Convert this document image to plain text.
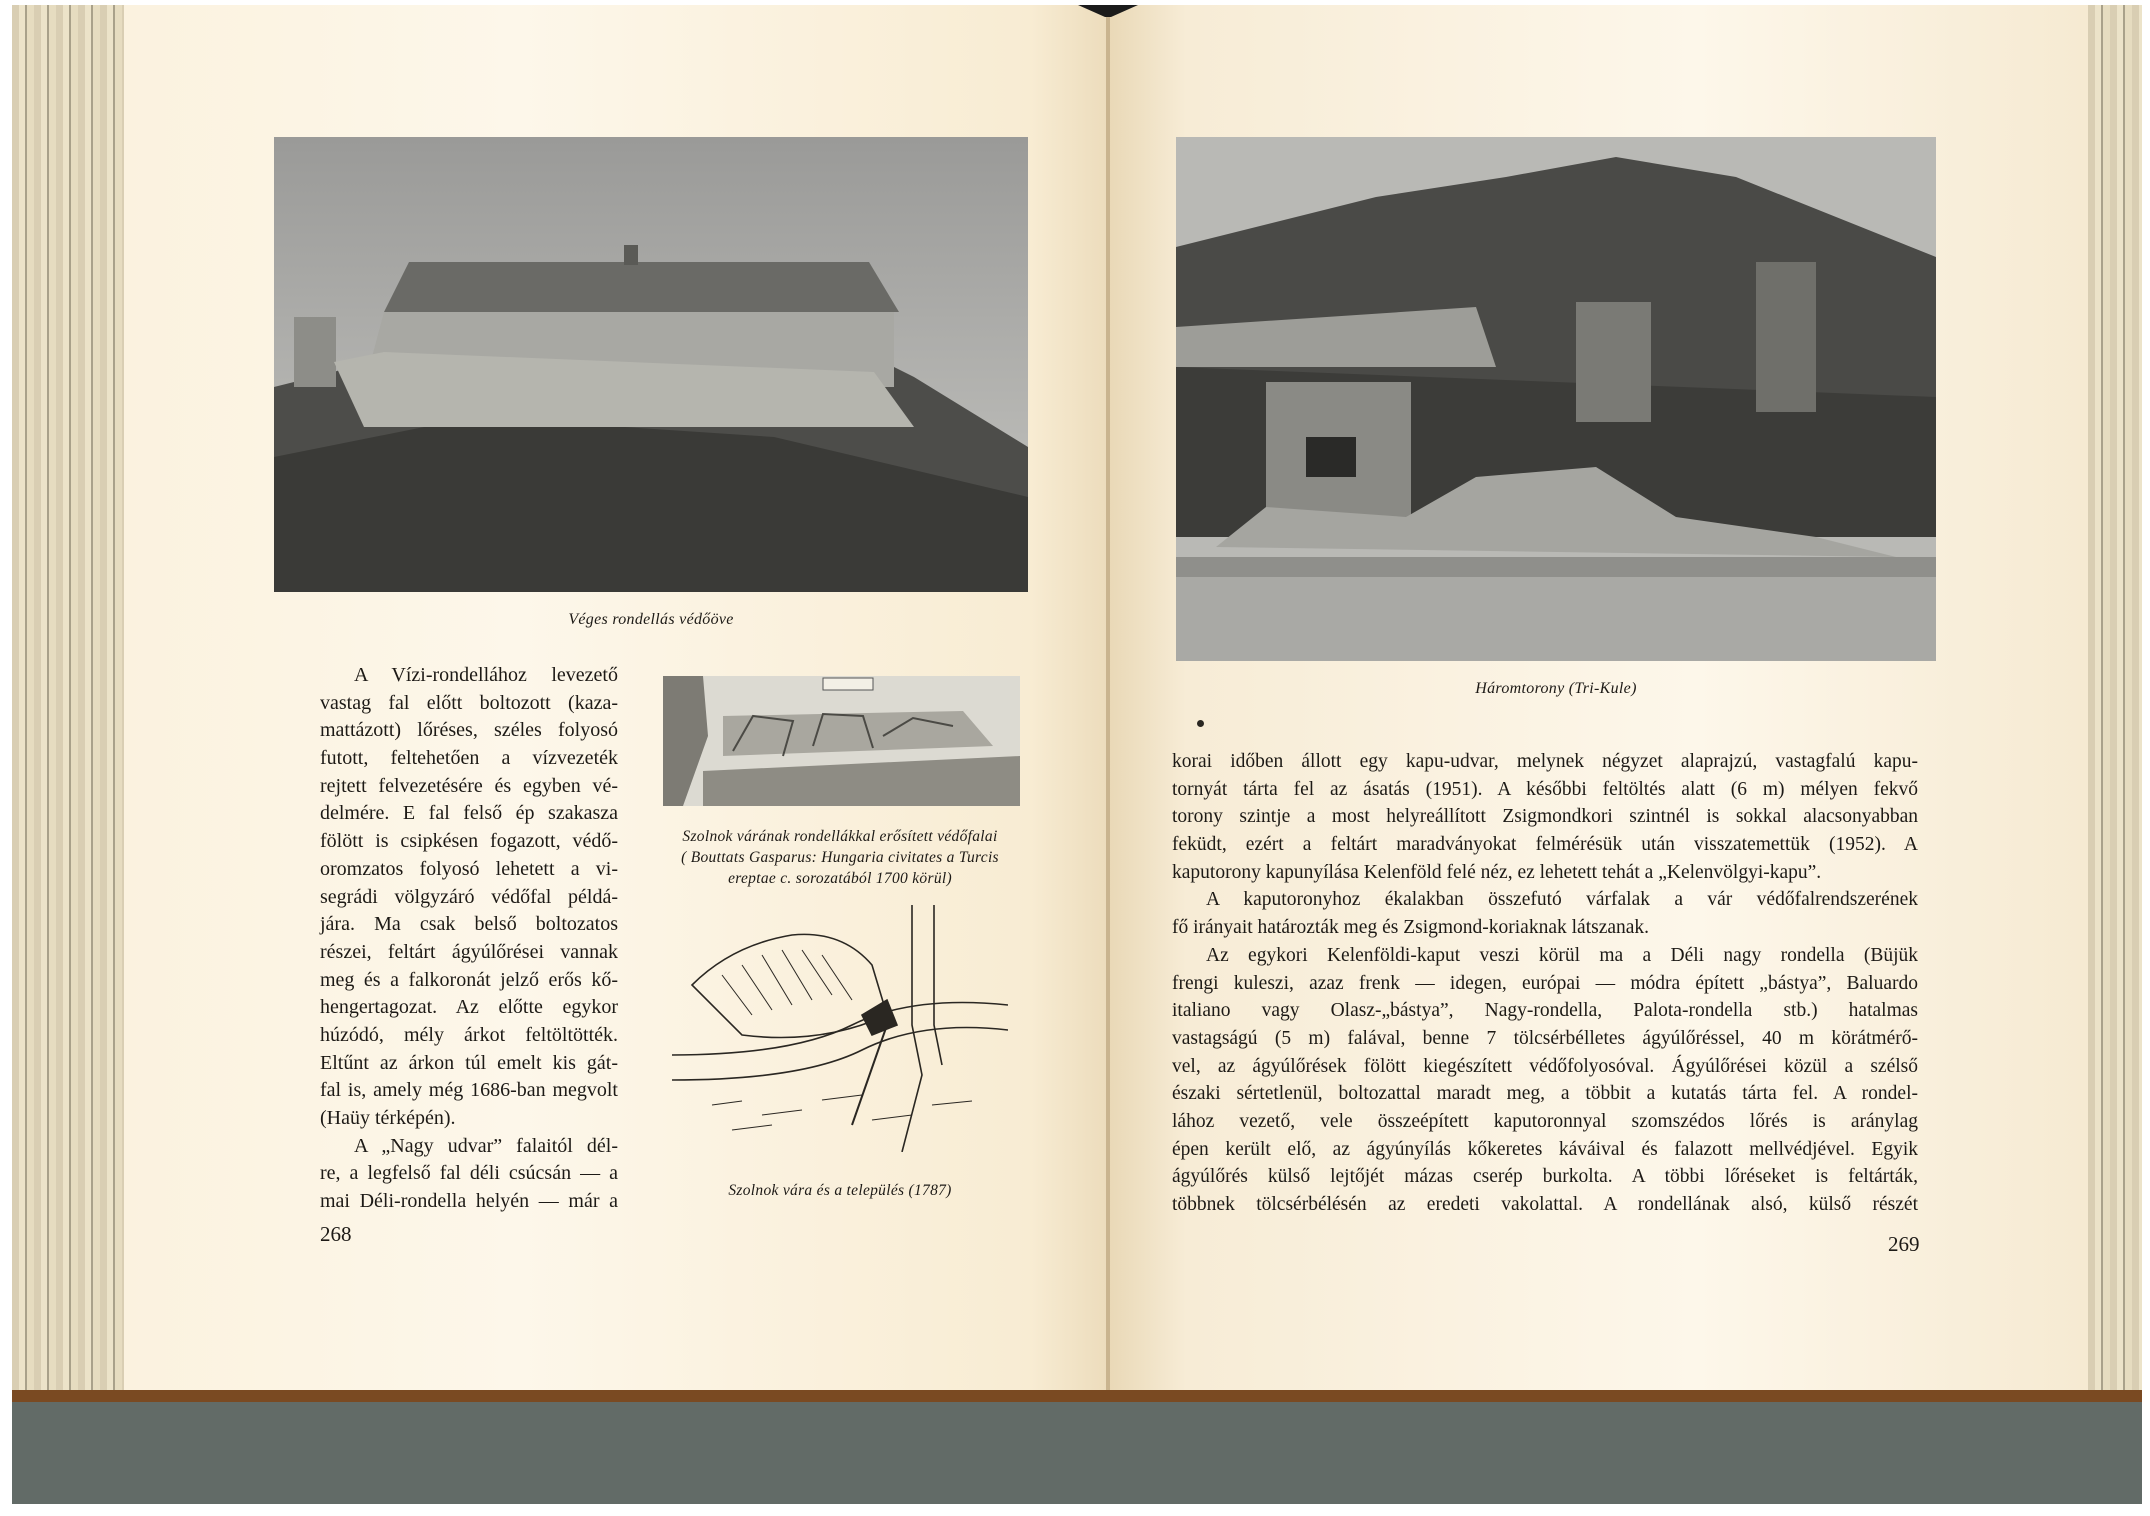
Véges rondellás védőöve
A Vízi-rondellához levezető
vastag fal előtt boltozott (kaza-
mattázott) lőréses, széles folyosó
futott, feltehetően a vízvezeték
rejtett felvezetésére és egyben vé-
delmére. E fal felső ép szakasza
fölött is csipkésen fogazott, védő-
oromzatos folyosó lehetett a vi-
segrádi völgyzáró védőfal példá-
jára. Ma csak belső boltozatos
részei, feltárt ágyúlőrései vannak
meg és a falkoronát jelző erős kő-
hengertagozat. Az előtte egykor
húzódó, mély árkot feltöltötték.
Eltűnt az árkon túl emelt kis gát-
fal is, amely még 1686-ban megvolt
(Haüy térképén).
A „Nagy udvar” falaitól dél-
re, a legfelső fal déli csúcsán — a
mai Déli-rondella helyén — már a
Szolnok várának rondellákkal erősített védőfalai
( Bouttats Gasparus: Hungaria civitates a Turcis
ereptae c. sorozatából 1700 körül)
Szolnok vára és a település (1787)
268
Háromtorony (Tri-Kule)
korai időben állott egy kapu-udvar, melynek négyzet alaprajzú, vastagfalú kapu-
tornyát tárta fel az ásatás (1951). A későbbi feltöltés alatt (6 m) mélyen fekvő
torony szintje a most helyreállított Zsigmondkori szintnél is sokkal alacsonyabban
feküdt, ezért a feltárt maradványokat felmérésük után visszatemettük (1952). A
kaputorony kapunyílása Kelenföld felé néz, ez lehetett tehát a „Kelenvölgyi-kapu”.
A kaputoronyhoz ékalakban összefutó várfalak a vár védőfalrendszerének
fő irányait határozták meg és Zsigmond-koriaknak látszanak.
Az egykori Kelenföldi-kaput veszi körül ma a Déli nagy rondella (Büjük
frengi kuleszi, azaz frenk — idegen, európai — módra épített „bástya”, Baluardo
italiano vagy Olasz-„bástya”, Nagy-rondella, Palota-rondella stb.) hatalmas
vastagságú (5 m) falával, benne 7 tölcsérbélletes ágyúlőréssel, 40 m körátmérő-
vel, az ágyúlőrések fölött kiegészített védőfolyosóval. Ágyúlőrései közül a szélső
északi sértetlenül, boltozattal maradt meg, a többit a kutatás tárta fel. A rondel-
lához vezető, vele összeépített kaputoronnyal szomszédos lőrés is aránylag
épen került elő, az ágyúnyílás kőkeretes káváival és falazott mellvédjével. Egyik
ágyúlőrés külső lejtőjét mázas cserép burkolta. A többi lőréseket is feltárták,
többnek tölcsérbélésén az eredeti vakolattal. A rondellának alsó, külső részét
269
